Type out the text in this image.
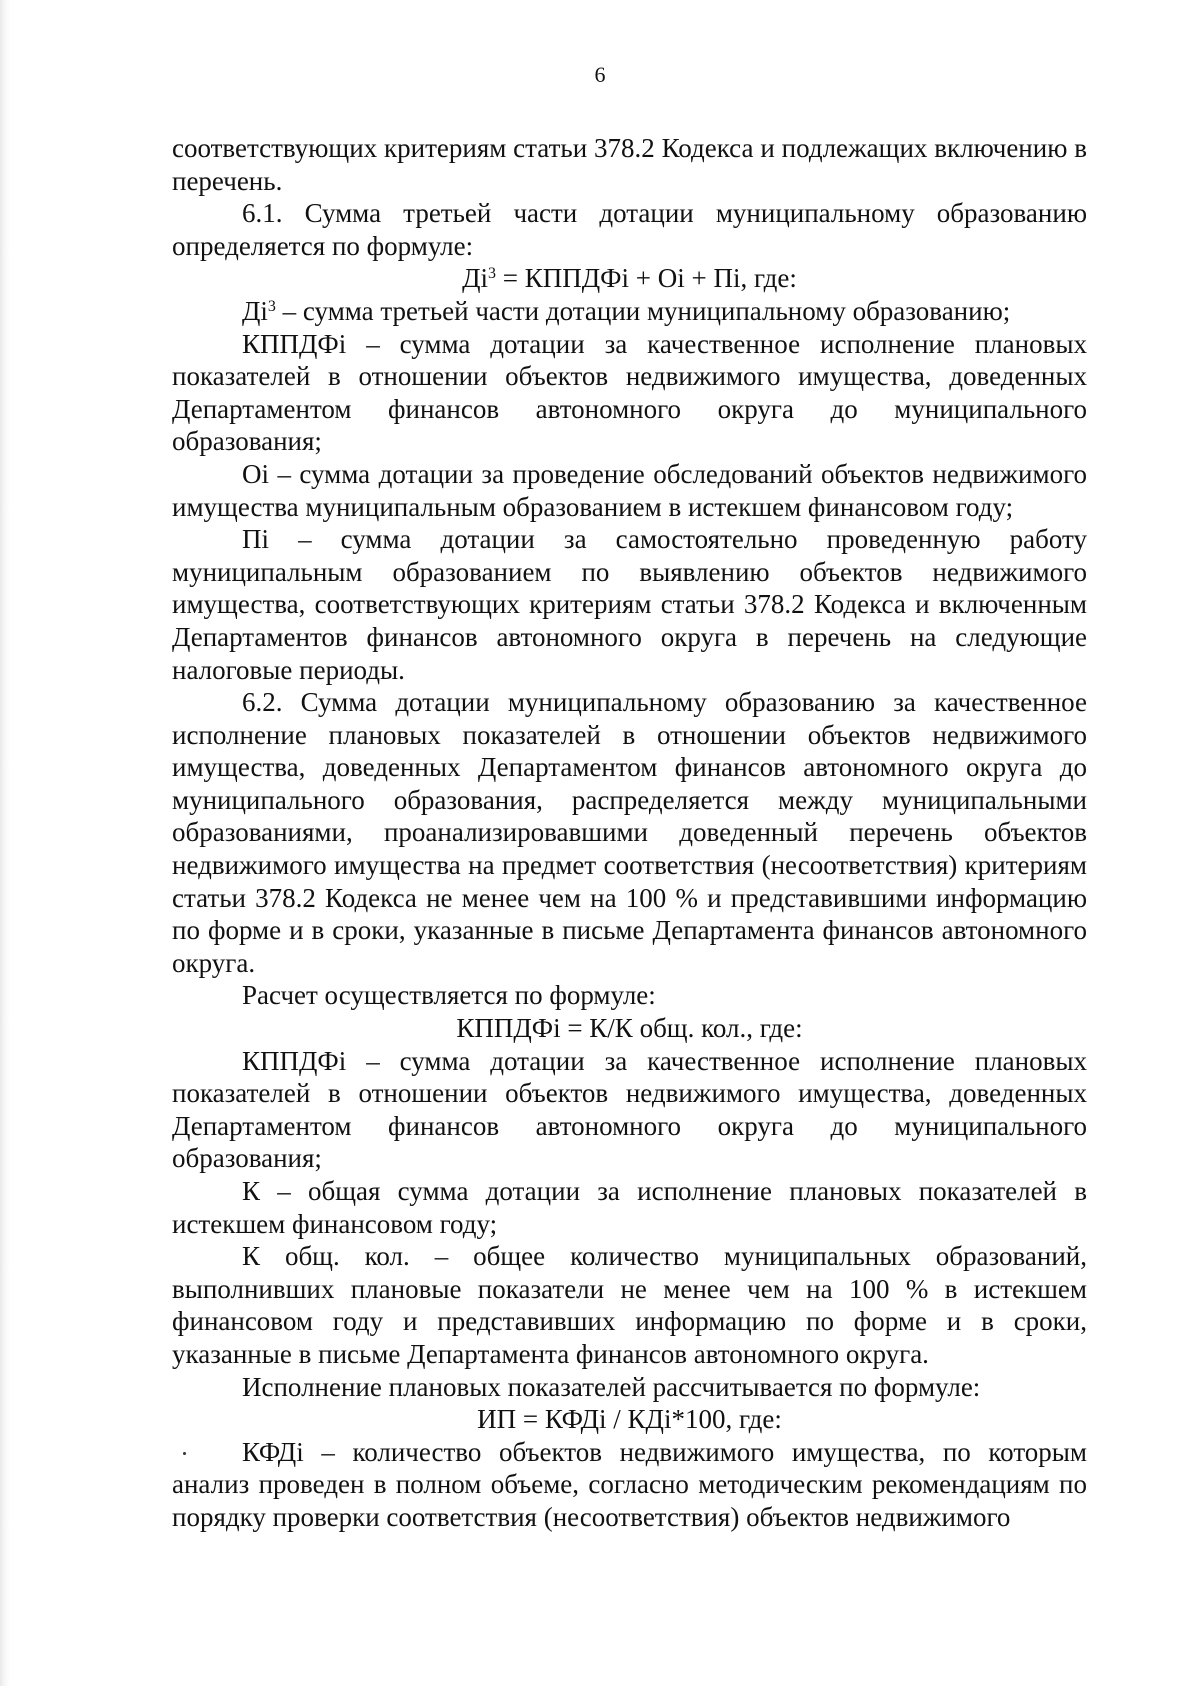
6

соответствующих критериям статьи 378.2 Кодекса и подлежащих включению в перечень.

6.1. Сумма третьей части дотации муниципальному образованию определяется по формуле:

$Дi^3$ = КППДФi + Оi + Пi, где:

$Дi^3$ – сумма третьей части дотации муниципальному образованию;

КППДФi – сумма дотации за качественное исполнение плановых показателей в отношении объектов недвижимого имущества, доведенных Департаментом финансов автономного округа до муниципального образования;

Оi – сумма дотации за проведение обследований объектов недвижимого имущества муниципальным образованием в истекшем финансовом году;

Пi – сумма дотации за самостоятельно проведенную работу муниципальным образованием по выявлению объектов недвижимого имущества, соответствующих критериям статьи 378.2 Кодекса и включенным Департаментов финансов автономного округа в перечень на следующие налоговые периоды.

6.2. Сумма дотации муниципальному образованию за качественное исполнение плановых показателей в отношении объектов недвижимого имущества, доведенных Департаментом финансов автономного округа до муниципального образования, распределяется между муниципальными образованиями, проанализировавшими доведенный перечень объектов недвижимого имущества на предмет соответствия (несоответствия) критериям статьи 378.2 Кодекса не менее чем на 100 % и представившими информацию по форме и в сроки, указанные в письме Департамента финансов автономного округа.

Расчет осуществляется по формуле:

КППДФi = К/К общ. кол., где:

КППДФi – сумма дотации за качественное исполнение плановых показателей в отношении объектов недвижимого имущества, доведенных Департаментом финансов автономного округа до муниципального образования;

К – общая сумма дотации за исполнение плановых показателей в истекшем финансовом году;

К общ. кол. – общее количество муниципальных образований, выполнивших плановые показатели не менее чем на 100 % в истекшем финансовом году и представивших информацию по форме и в сроки, указанные в письме Департамента финансов автономного округа.

Исполнение плановых показателей рассчитывается по формуле:

ИП = КФДi / КДi*100, где:

КФДi – количество объектов недвижимого имущества, по которым анализ проведен в полном объеме, согласно методическим рекомендациям по порядку проверки соответствия (несоответствия) объектов недвижимого
